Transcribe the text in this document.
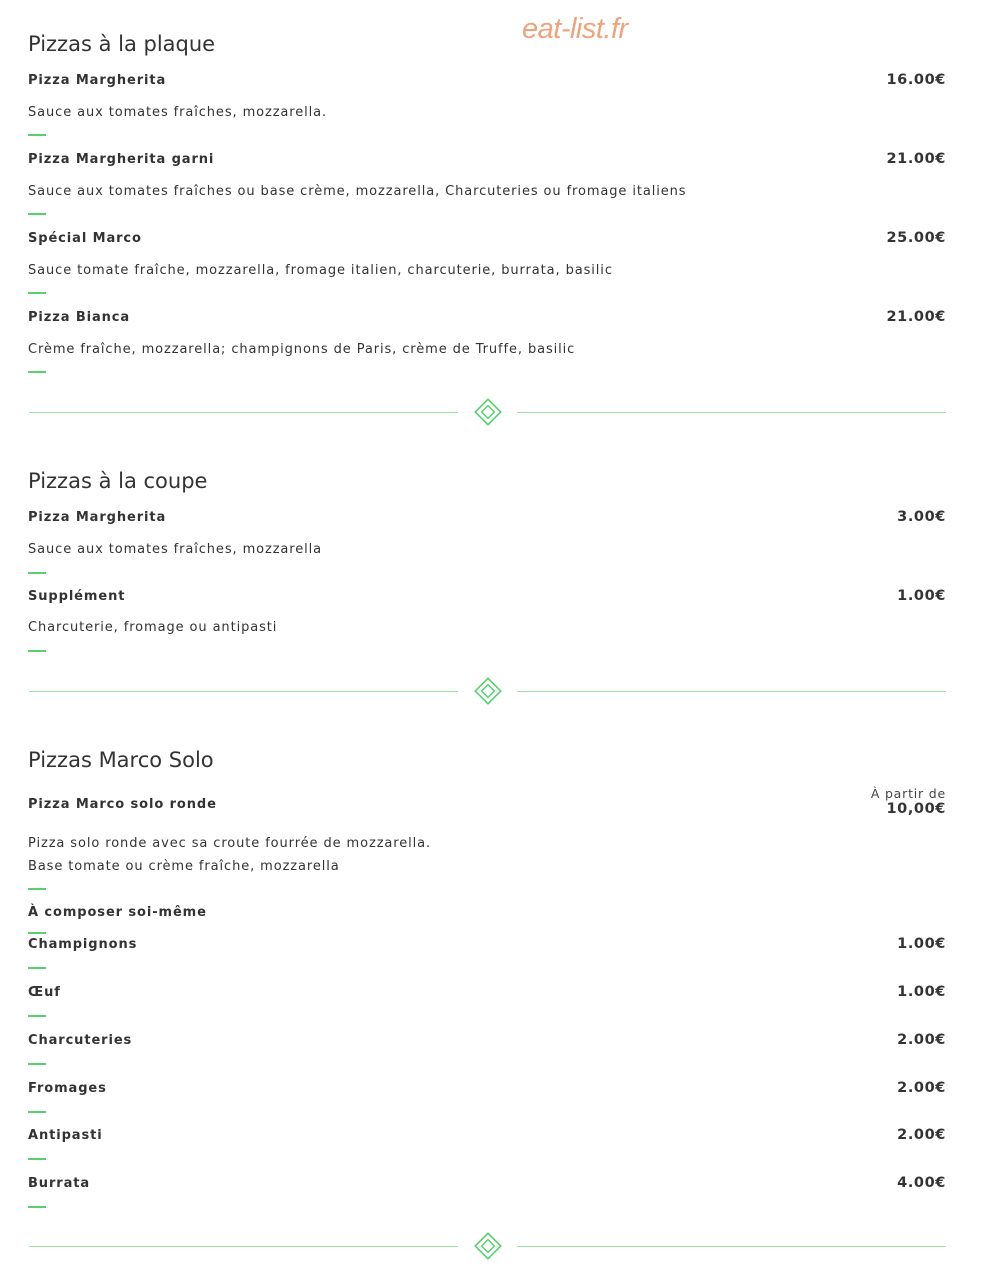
eat-list.fr
Pizzas à la plaque
Pizza Margherita	16.00€
Sauce aux tomates fraîches, mozzarella.
Pizza Margherita garni	21.00€
Sauce aux tomates fraîches ou base crème, mozzarella, Charcuteries ou fromage italiens
Spécial Marco	25.00€
Sauce tomate fraîche, mozzarella, fromage italien, charcuterie, burrata, basilic
Pizza Bianca	21.00€
Crème fraîche, mozzarella; champignons de Paris, crème de Truffe, basilic
Pizzas à la coupe
Pizza Margherita	3.00€
Sauce aux tomates fraîches, mozzarella
Supplément	1.00€
Charcuterie, fromage ou antipasti
Pizzas Marco Solo
Pizza Marco solo ronde
À partir de
10,00€
Pizza solo ronde avec sa croute fourrée de mozzarella.
Base tomate ou crème fraîche, mozzarella
À composer soi-même
Champignons	1.00€
Œuf	1.00€
Charcuteries	2.00€
Fromages	2.00€
Antipasti	2.00€
Burrata	4.00€
